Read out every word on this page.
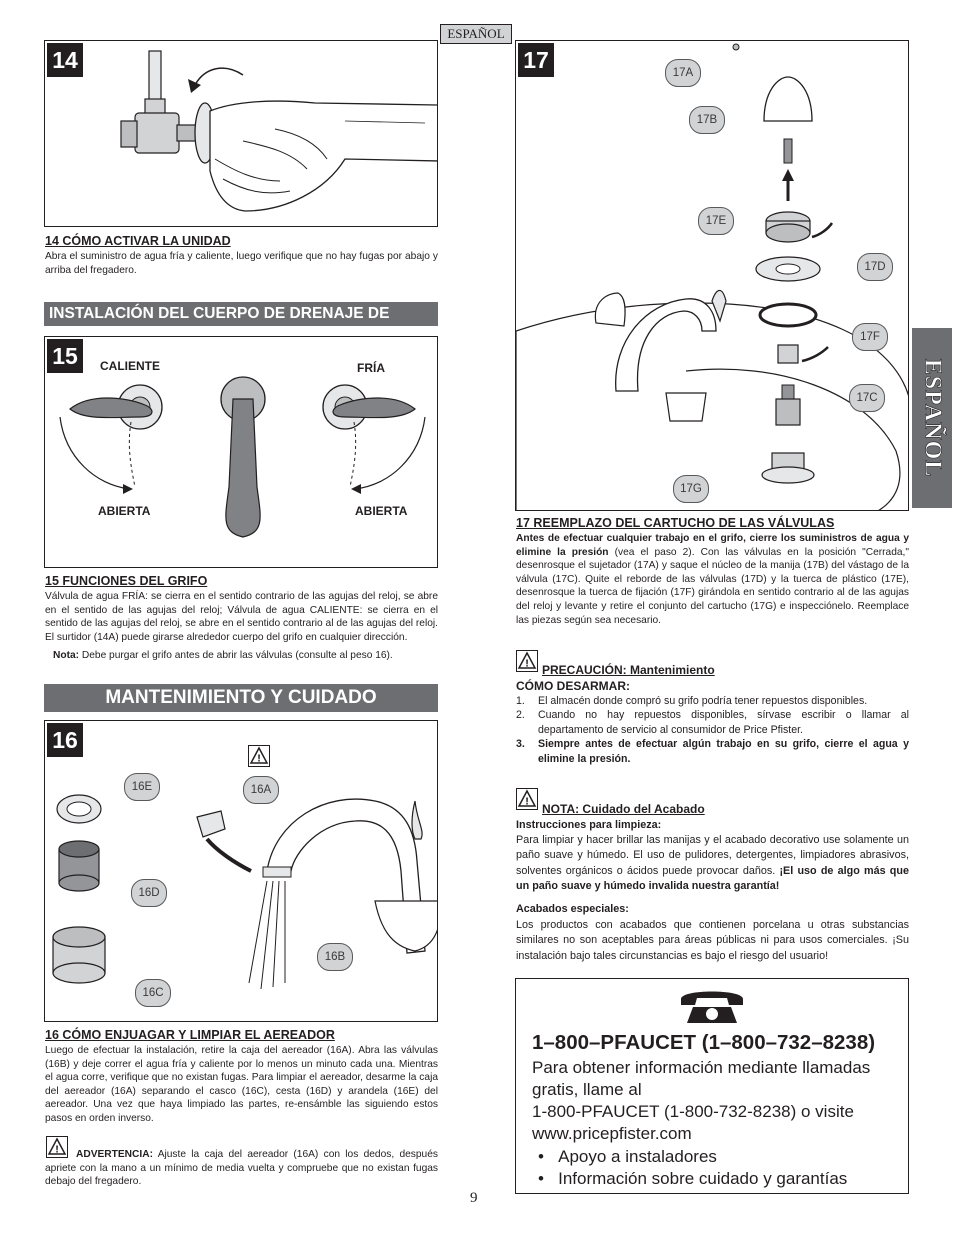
ESPAÑOL
ESPAÑOL
14
14 CÓMO ACTIVAR LA UNIDAD
Abra el suministro de agua fría y caliente, luego verifique que no hay fugas por abajo y arriba del fregadero.
INSTALACIÓN DEL CUERPO DE DRENAJE DE
15	CALIENTE	FRÍA
ABIERTA	ABIERTA
15 FUNCIONES DEL GRIFO
Válvula de agua FRÍA: se cierra en el sentido contrario de las agujas del reloj, se abre en el sentido de las agujas del reloj; Válvula de agua CALIENTE: se cierra en el sentido de las agujas del reloj, se abre en el sentido contrario al de las agujas del reloj. El surtidor (14A) puede girarse alrededor cuerpo del grifo en cualquier dirección.
Nota: Debe purgar el grifo antes de abrir las válvulas (consulte al peso 16).
MANTENIMIENTO Y CUIDADO
16
16E	16A
16D
16B
16C
!
16 CÓMO ENJUAGAR Y LIMPIAR EL AEREADOR
Luego de efectuar la instalación, retire la caja del aereador (16A). Abra las válvulas (16B) y deje correr el agua fría y caliente por lo menos un minuto cada una. Mientras el agua corre, verifique que no existan fugas. Para limpiar el aereador, desarme la caja del aereador (16A) separando el casco (16C), cesta (16D) y arandela (16E) del aereador. Una vez que haya limpiado las partes, re-ensámble las siguiendo estos pasos en orden inverso.
!	ADVERTENCIA: Ajuste la caja del aereador (16A) con los dedos, después apriete con la mano a un mínimo de media vuelta y compruebe que no existan fugas debajo del fregadero.
17	17A
17B
17E
17D
17F
17C
17G
17 REEMPLAZO DEL CARTUCHO DE LAS VÁLVULAS
Antes de efectuar cualquier trabajo en el grifo, cierre los suministros de agua y elimine la presión (vea el paso 2). Con las válvulas en la posición "Cerrada," desenrosque el sujetador (17A) y saque el núcleo de la manija (17B) del vástago de la válvula (17C). Quite el reborde de las válvulas (17D) y la tuerca de plástico (17E), desenrosque la tuerca de fijación (17F) girándola en sentido contrario al de las agujas del reloj y levante y retire el conjunto del cartucho (17G) e inspecciónelo. Reemplace las piezas según sea necesario.
! PRECAUCIÓN: Mantenimiento
CÓMO DESARMAR:
1. El almacén donde compró su grifo podría tener repuestos disponibles.
2. Cuando no hay repuestos disponibles, sírvase escribir o llamar al departamento de servicio al consumidor de Price Pfister.
3. Siempre antes de efectuar algún trabajo en su grifo, cierre el agua y elimine la presión.
! NOTA: Cuidado del Acabado
Instrucciones para limpieza:
Para limpiar y hacer brillar las manijas y el acabado decorativo use solamente un paño suave y húmedo. El uso de pulidores, detergentes, limpiadores abrasivos, solventes orgánicos o ácidos puede provocar daños. ¡El uso de algo más que un paño suave y húmedo invalida nuestra garantía!
Acabados especiales:
Los productos con acabados que contienen porcelana u otras substancias similares no son aceptables para áreas públicas ni para usos comerciales. ¡Su instalación bajo tales circunstancias es bajo el riesgo del usuario!
1–800–PFAUCET (1–800–732–8238)
Para obtener información mediante llamadas
gratis, llame al
1-800-PFAUCET (1-800-732-8238) o visite
www.pricepfister.com
•   Apoyo a instaladores
•   Información sobre cuidado y garantías
9
